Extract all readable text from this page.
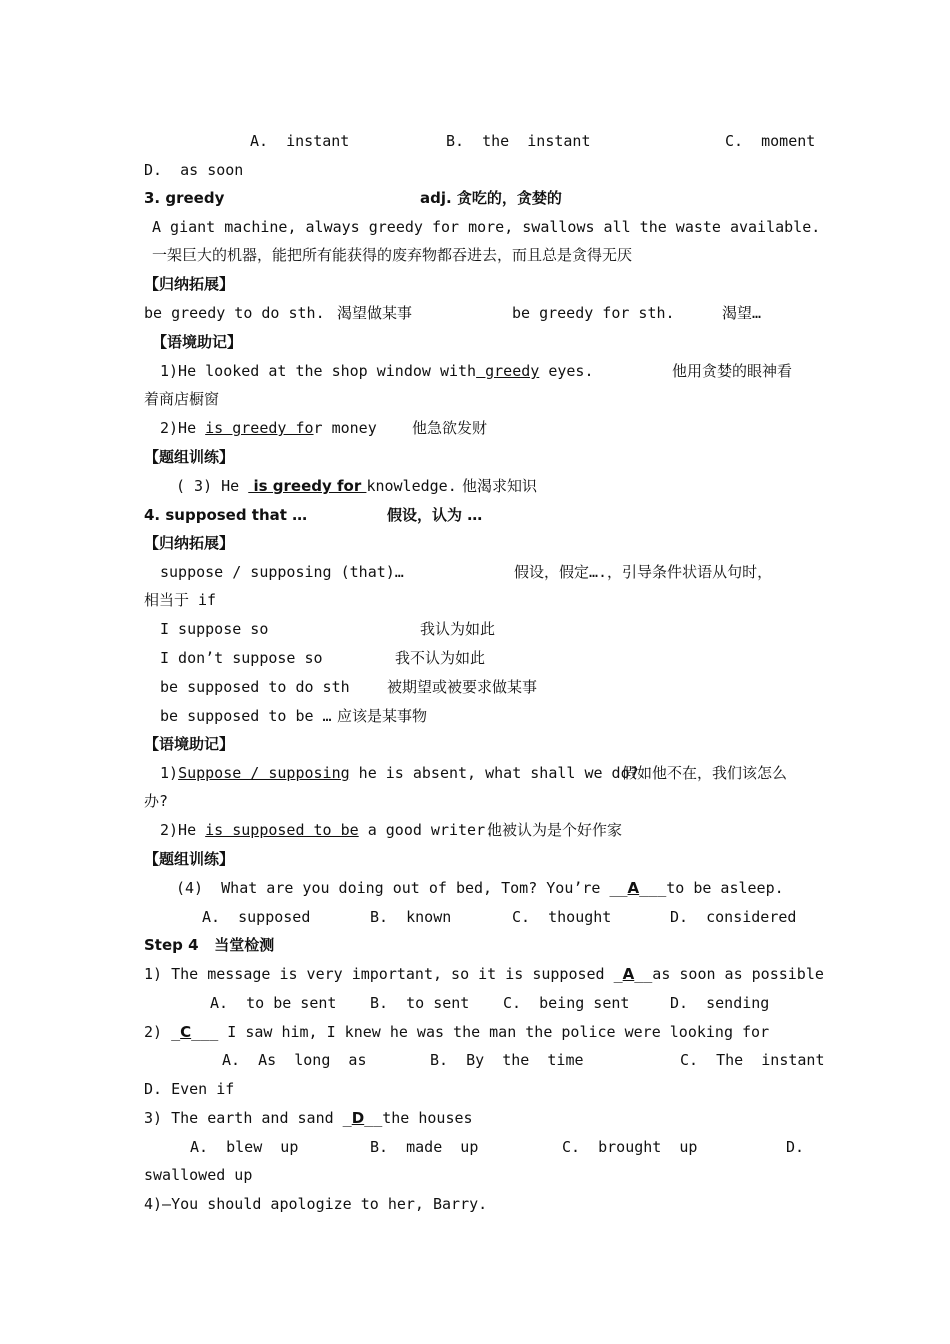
A.  instant

	B.  the  instant

	C.  moment

D.  as soon

3. greedy

	adj. 贪吃的，贪婪的

A giant machine, always greedy for more, swallows all the waste available.

一架巨大的机器，能把所有能获得的废弃物都吞进去，而且总是贪得无厌

【归纳拓展】

be greedy to do sth.

渴望做某事

	be greedy for sth.

	渴望…

【语境助记】

1)He looked at the shop window with greedy eyes.

	他用贪婪的眼神看

着商店橱窗

2)He is greedy for money

他急欲发财

【题组训练】

( 3) He  is greedy for knowledge.

他渴求知识

4. supposed that …

	假设，认为 …

【归纳拓展】

suppose / supposing (that)…

	假设，假定….，引导条件状语从句时，

相当于 if

I suppose so

	我认为如此

I don’t suppose so

	我不认为如此

be supposed to do sth

被期望或被要求做某事

be supposed to be …

应该是某事物

【语境助记】

1)Suppose / supposing he is absent, what shall we do?

假如他不在，我们该怎么

办?

2)He is supposed to be a good writer.

他被认为是个好作家

【题组训练】

(4)  What are you doing out of bed, Tom? You’re __A___to be asleep.

A.  supposed

	B.  known

	C.  thought

	D.  considered

Step 4   当堂检测

1) The message is very important, so it is supposed _A__as soon as possible

A.  to be sent

B.  to sent

C.  being sent

	D.  sending

2) _C___ I saw him, I knew he was the man the police were looking for

A.  As  long  as

	B.  By  the  time

	C.  The  instant

D. Even if

3) The earth and sand _D__the houses

A.  blew  up

	B.  made  up

	C.  brought  up

	D.

swallowed up

4)—You should apologize to her, Barry.
